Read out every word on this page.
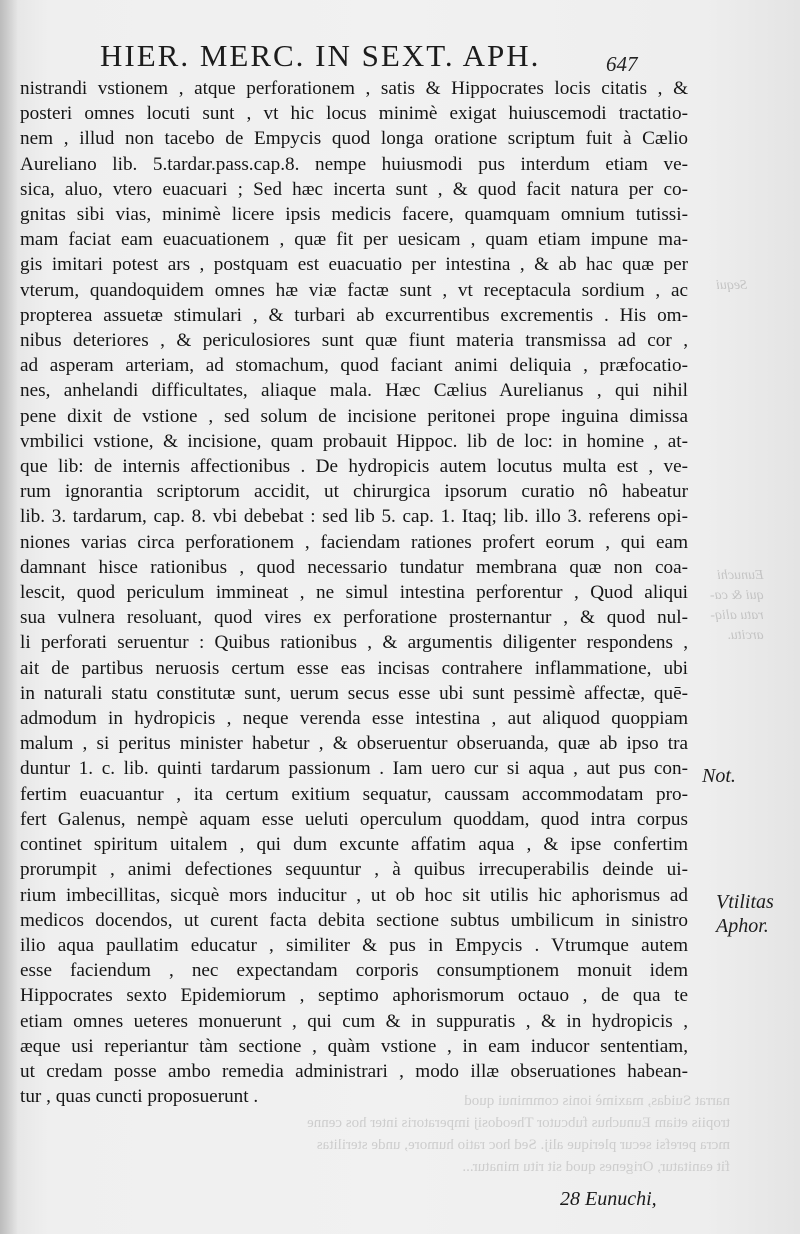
HIER. MERC. IN SEXT. APH.	647
nistrandi vstionem , atque perforationem , satis & Hippocrates locis citatis , &
posteri omnes locuti sunt , vt hic locus minimè exigat huiuscemodi tractatio-
nem , illud non tacebo de Empycis quod longa oratione scriptum fuit à Cælio
Aureliano lib. 5.tardar.pass.cap.8. nempe huiusmodi pus interdum etiam ve-
sica, aluo, vtero euacuari ; Sed hæc incerta sunt , & quod facit natura per co-
gnitas sibi vias, minimè licere ipsis medicis facere, quamquam omnium tutissi-
mam faciat eam euacuationem , quæ fit per uesicam , quam etiam impune ma-
gis imitari potest ars , postquam est euacuatio per intestina , & ab hac quæ per
vterum, quandoquidem omnes hæ viæ factæ sunt , vt receptacula sordium , ac
propterea assuetæ stimulari , & turbari ab excurrentibus excrementis . His om-
nibus deteriores , & periculosiores sunt quæ fiunt materia transmissa ad cor ,
ad asperam arteriam, ad stomachum, quod faciant animi deliquia , præfocatio-
nes, anhelandi difficultates, aliaque mala. Hæc Cælius Aurelianus , qui nihil
pene dixit de vstione , sed solum de incisione peritonei prope inguina dimissa
vmbilici vstione, & incisione, quam probauit Hippoc. lib de loc: in homine , at-
que lib: de internis affectionibus . De hydropicis autem locutus multa est , ve-
rum ignorantia scriptorum accidit, ut chirurgica ipsorum curatio nô habeatur
lib. 3. tardarum, cap. 8. vbi debebat : sed lib 5. cap. 1. Itaq; lib. illo 3. referens opi-
niones varias circa perforationem , faciendam rationes profert eorum , qui eam
damnant hisce rationibus , quod necessario tundatur membrana quæ non coa-
lescit, quod periculum immineat , ne simul intestina perforentur , Quod aliqui
sua vulnera resoluant, quod vires ex perforatione prosternantur , & quod nul-
li perforati seruentur : Quibus rationibus , & argumentis diligenter respondens ,
ait de partibus neruosis certum esse eas incisas contrahere inflammatione, ubi
in naturali statu constitutæ sunt, uerum secus esse ubi sunt pessimè affectæ, quē-
admodum in hydropicis , neque verenda esse intestina , aut aliquod quoppiam
malum , si peritus minister habetur , & obseruentur obseruanda, quæ ab ipso tra
duntur 1. c. lib. quinti tardarum passionum . Iam uero cur si aqua , aut pus con-
fertim euacuantur , ita certum exitium sequatur, caussam accommodatam pro-
fert Galenus, nempè aquam esse ueluti operculum quoddam, quod intra corpus
continet spiritum uitalem , qui dum excunte affatim aqua , & ipse confertim
prorumpit , animi defectiones sequuntur , à quibus irrecuperabilis deinde ui-
rium imbecillitas, sicquè mors inducitur , ut ob hoc sit utilis hic aphorismus ad
medicos docendos, ut curent facta debita sectione subtus umbilicum in sinistro
ilio aqua paullatim educatur , similiter & pus in Empycis . Vtrumque autem
esse faciendum , nec expectandam corporis consumptionem monuit idem
Hippocrates sexto Epidemiorum , septimo aphorismorum octauo , de qua te
etiam omnes ueteres monuerunt , qui cum & in suppuratis , & in hydropicis ,
æque usi reperiantur tàm sectione , quàm vstione , in eam inducor sententiam,
ut credam posse ambo remedia administrari , modo illæ obseruationes habean-
tur , quas cuncti proposuerunt .
Not.
Vtilitas
Aphor.
Sequi

Eunuchi
qui & ca-
ratu aliq-
arcitu.
narrat Suidas, maximè ionis comminui quod
tropiis etiam Eunuchus fubcutor Theodosij imperatoris inter hos cenne
mcra perefsi secur plerique alij. Sed hoc ratio humore, unde sterilitas
fit eanitatur, Origenes quod sit ritu minatur...
28 Eunuchi,
